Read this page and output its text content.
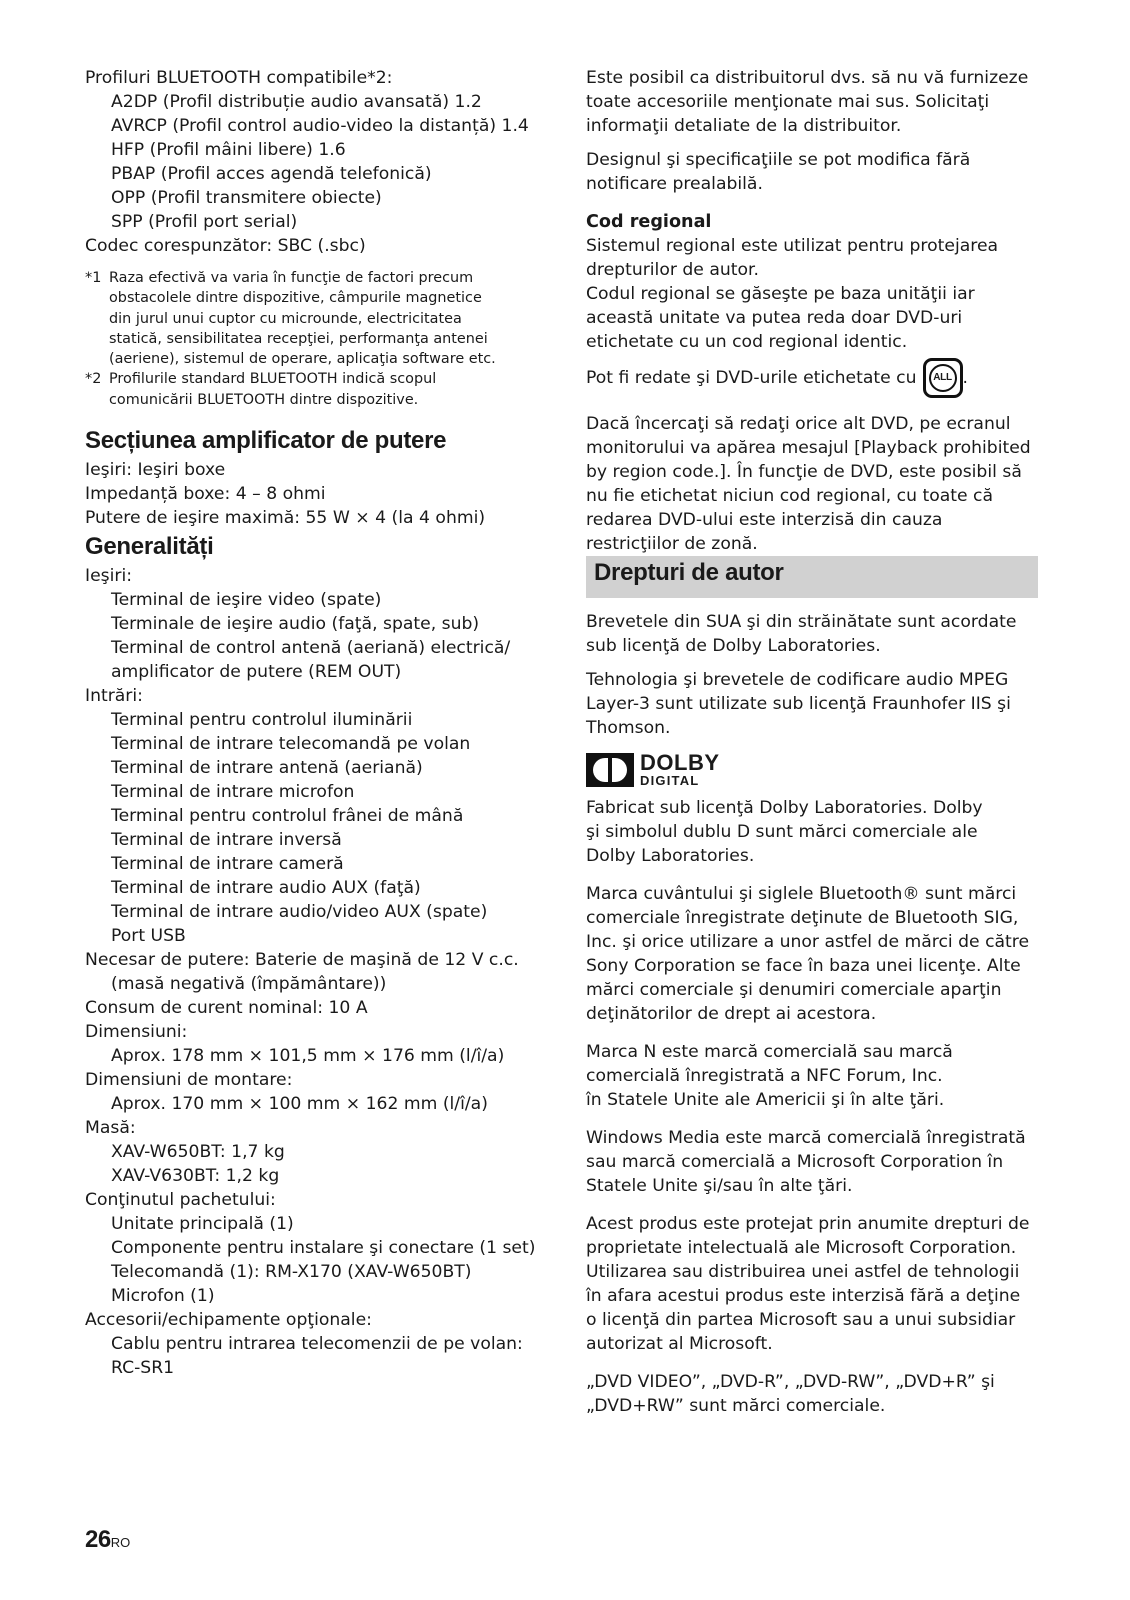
Profiluri BLUETOOTH compatibile*2:
A2DP (Profil distribuție audio avansată) 1.2
AVRCP (Profil control audio-video la distanță) 1.4
HFP (Profil mâini libere) 1.6
PBAP (Profil acces agendă telefonică)
OPP (Profil transmitere obiecte)
SPP (Profil port serial)
Codec corespunzător: SBC (.sbc)
*1 Raza efectivă va varia în funcţie de factori precum
obstacolele dintre dispozitive, câmpurile magnetice
din jurul unui cuptor cu microunde, electricitatea
statică, sensibilitatea recepţiei, performanţa antenei
(aeriene), sistemul de operare, aplicaţia software etc.
*2 Profilurile standard BLUETOOTH indică scopul
comunicării BLUETOOTH dintre dispozitive.
Secțiunea amplificator de putere
Ieşiri: Ieşiri boxe
Impedanță boxe: 4 – 8 ohmi
Putere de ieşire maximă: 55 W × 4 (la 4 ohmi)
Generalități
Ieşiri:
Terminal de ieşire video (spate)
Terminale de ieşire audio (faţă, spate, sub)
Terminal de control antenă (aeriană) electrică/
amplificator de putere (REM OUT)
Intrări:
Terminal pentru controlul iluminării
Terminal de intrare telecomandă pe volan
Terminal de intrare antenă (aeriană)
Terminal de intrare microfon
Terminal pentru controlul frânei de mână
Terminal de intrare inversă
Terminal de intrare cameră
Terminal de intrare audio AUX (faţă)
Terminal de intrare audio/video AUX (spate)
Port USB
Necesar de putere: Baterie de maşină de 12 V c.c.
(masă negativă (împământare))
Consum de curent nominal: 10 A
Dimensiuni:
Aprox. 178 mm × 101,5 mm × 176 mm (l/î/a)
Dimensiuni de montare:
Aprox. 170 mm × 100 mm × 162 mm (l/î/a)
Masă:
XAV-W650BT: 1,7 kg
XAV-V630BT: 1,2 kg
Conţinutul pachetului:
Unitate principală (1)
Componente pentru instalare şi conectare (1 set)
Telecomandă (1): RM-X170 (XAV-W650BT)
Microfon (1)
Accesorii/echipamente opţionale:
Cablu pentru intrarea telecomenzii de pe volan:
RC-SR1
Este posibil ca distribuitorul dvs. să nu vă furnizeze
toate accesoriile menţionate mai sus. Solicitaţi
informaţii detaliate de la distribuitor.
Designul şi specificaţiile se pot modifica fără
notificare prealabilă.
Cod regional
Sistemul regional este utilizat pentru protejarea
drepturilor de autor.
Codul regional se găseşte pe baza unităţii iar
această unitate va putea reda doar DVD-uri
etichetate cu un cod regional identic.
Pot fi redate şi DVD-urile etichetate cu	ALL .
Dacă încercaţi să redaţi orice alt DVD, pe ecranul
monitorului va apărea mesajul [Playback prohibited
by region code.]. În funcţie de DVD, este posibil să
nu fie etichetat niciun cod regional, cu toate că
redarea DVD-ului este interzisă din cauza
restricţiilor de zonă.
Drepturi de autor
Brevetele din SUA şi din străinătate sunt acordate
sub licenţă de Dolby Laboratories.
Tehnologia şi brevetele de codificare audio MPEG
Layer-3 sunt utilizate sub licenţă Fraunhofer IIS şi
Thomson.
DOLBY
DIGITAL
Fabricat sub licenţă Dolby Laboratories. Dolby
şi simbolul dublu D sunt mărci comerciale ale
Dolby Laboratories.
Marca cuvântului şi siglele Bluetooth® sunt mărci
comerciale înregistrate deţinute de Bluetooth SIG,
Inc. şi orice utilizare a unor astfel de mărci de către
Sony Corporation se face în baza unei licenţe. Alte
mărci comerciale şi denumiri comerciale aparţin
deţinătorilor de drept ai acestora.
Marca N este marcă comercială sau marcă
comercială înregistrată a NFC Forum, Inc.
în Statele Unite ale Americii şi în alte ţări.
Windows Media este marcă comercială înregistrată
sau marcă comercială a Microsoft Corporation în
Statele Unite şi/sau în alte ţări.
Acest produs este protejat prin anumite drepturi de
proprietate intelectuală ale Microsoft Corporation.
Utilizarea sau distribuirea unei astfel de tehnologii
în afara acestui produs este interzisă fără a deţine
o licenţă din partea Microsoft sau a unui subsidiar
autorizat al Microsoft.
„DVD VIDEO”, „DVD-R”, „DVD-RW”, „DVD+R” şi
„DVD+RW” sunt mărci comerciale.
26RO
